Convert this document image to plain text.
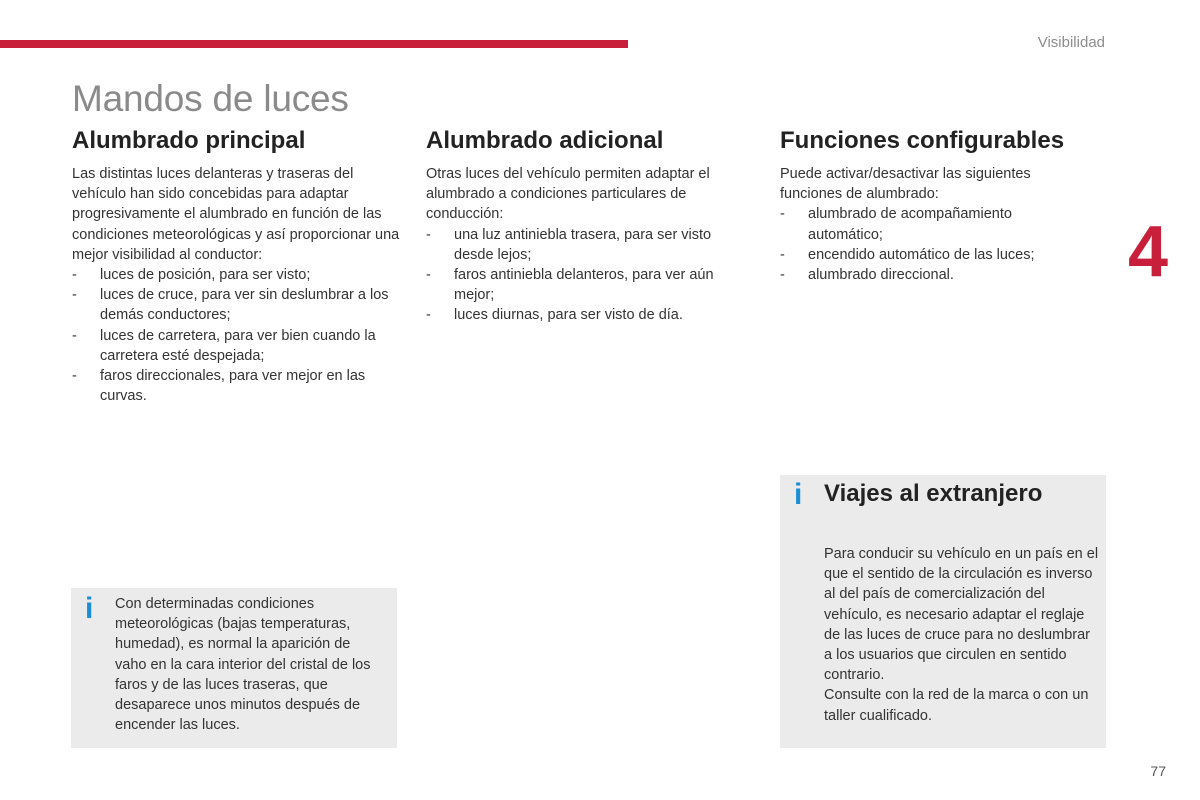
Visibilidad
Mandos de luces
Alumbrado principal

Las distintas luces delanteras y traseras del vehículo han sido concebidas para adaptar progresivamente el alumbrado en función de las condiciones meteorológicas y así proporcionar una mejor visibilidad al conductor:

- luces de posición, para ser visto;
- luces de cruce, para ver sin deslumbrar a los demás conductores;
- luces de carretera, para ver bien cuando la carretera esté despejada;
- faros direccionales, para ver mejor en las curvas.
Alumbrado adicional

Otras luces del vehículo permiten adaptar el alumbrado a condiciones particulares de conducción:

- una luz antiniebla trasera, para ser visto desde lejos;
- faros antiniebla delanteros, para ver aún mejor;
- luces diurnas, para ser visto de día.
Funciones configurables

Puede activar/desactivar las siguientes funciones de alumbrado:

- alumbrado de acompañamiento automático;
- encendido automático de las luces;
- alumbrado direccional.	4
i Con determinadas condiciones meteorológicas (bajas temperaturas, humedad), es normal la aparición de vaho en la cara interior del cristal de los faros y de las luces traseras, que desaparece unos minutos después de encender las luces.
i Viajes al extranjero
Para conducir su vehículo en un país en el que el sentido de la circulación es inverso al del país de comercialización del vehículo, es necesario adaptar el reglaje de las luces de cruce para no deslumbrar a los usuarios que circulen en sentido contrario.
Consulte con la red de la marca o con un taller cualificado.
77
